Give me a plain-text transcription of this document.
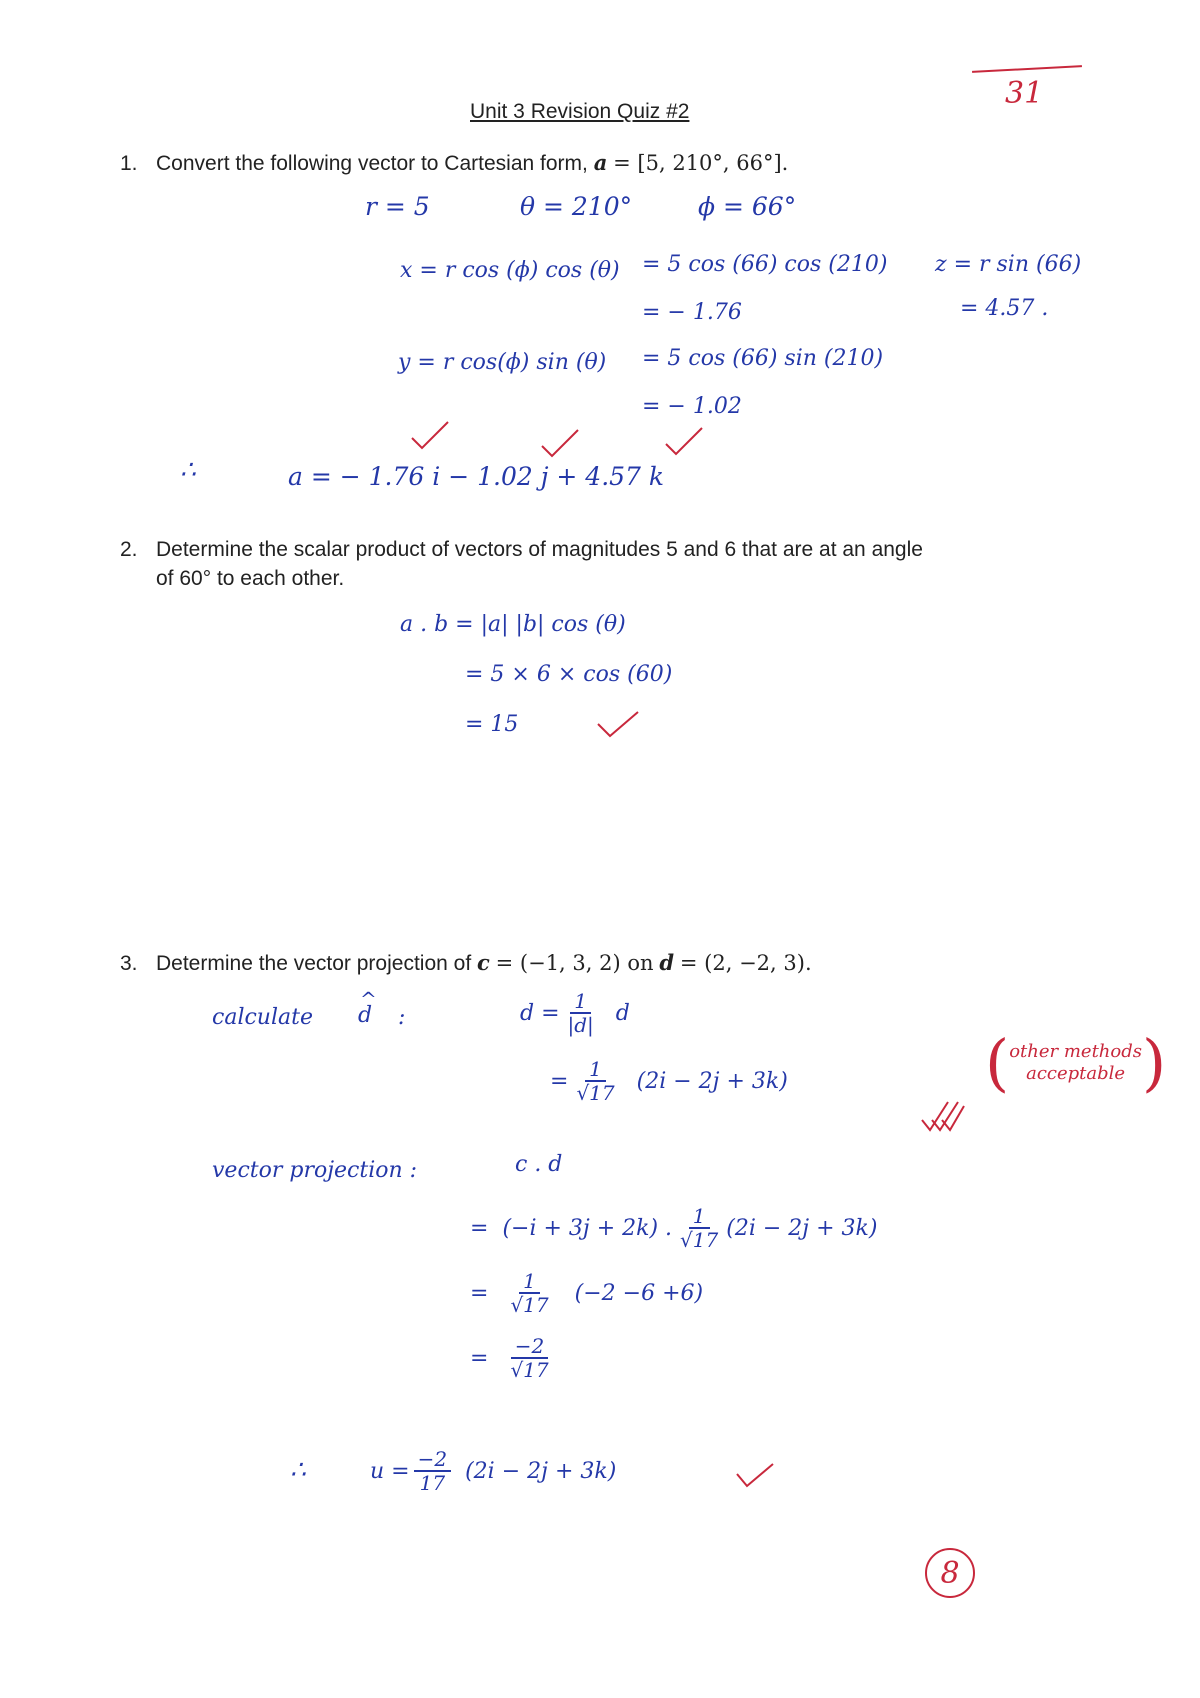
31
Unit 3 Revision Quiz #2
1. Convert the following vector to Cartesian form, a = [5, 210°, 66°].
r = 5	θ = 210°	ϕ = 66°
x = r cos (ϕ) cos (θ) = 5 cos (66) cos (210)
= − 1.76
z = r sin (66)
= 4.57 .
y = r cos(ϕ) sin (θ) = 5 cos (66) sin (210)
= − 1.02
∴	a = − 1.76 i − 1.02 j + 4.57 k
2. Determine the scalar product of vectors of magnitudes 5 and 6 that are at an angle
of 60° to each other.
a . b = |a| |b| cos (θ)
= 5 × 6 × cos (60)
= 15
3. Determine the vector projection of c = (−1, 3, 2) on d = (2, −2, 3).
calculate
^ d :	$d = \frac{1}{|d|}$ d
= $\frac{1}{√17} (2i - 2j + 3k)$	( other methods
acceptable )
vector projection :	c . d
= (−i + 3j + 2k) . $\frac{1}{√17} (2i - 2j + 3k)$
= $\frac{1}{√17} (-2 -6 +6)$
= $\frac{-2}{√17}$
∴	$u = \frac{-2}{17} (2i - 2j + 3k)$
8
